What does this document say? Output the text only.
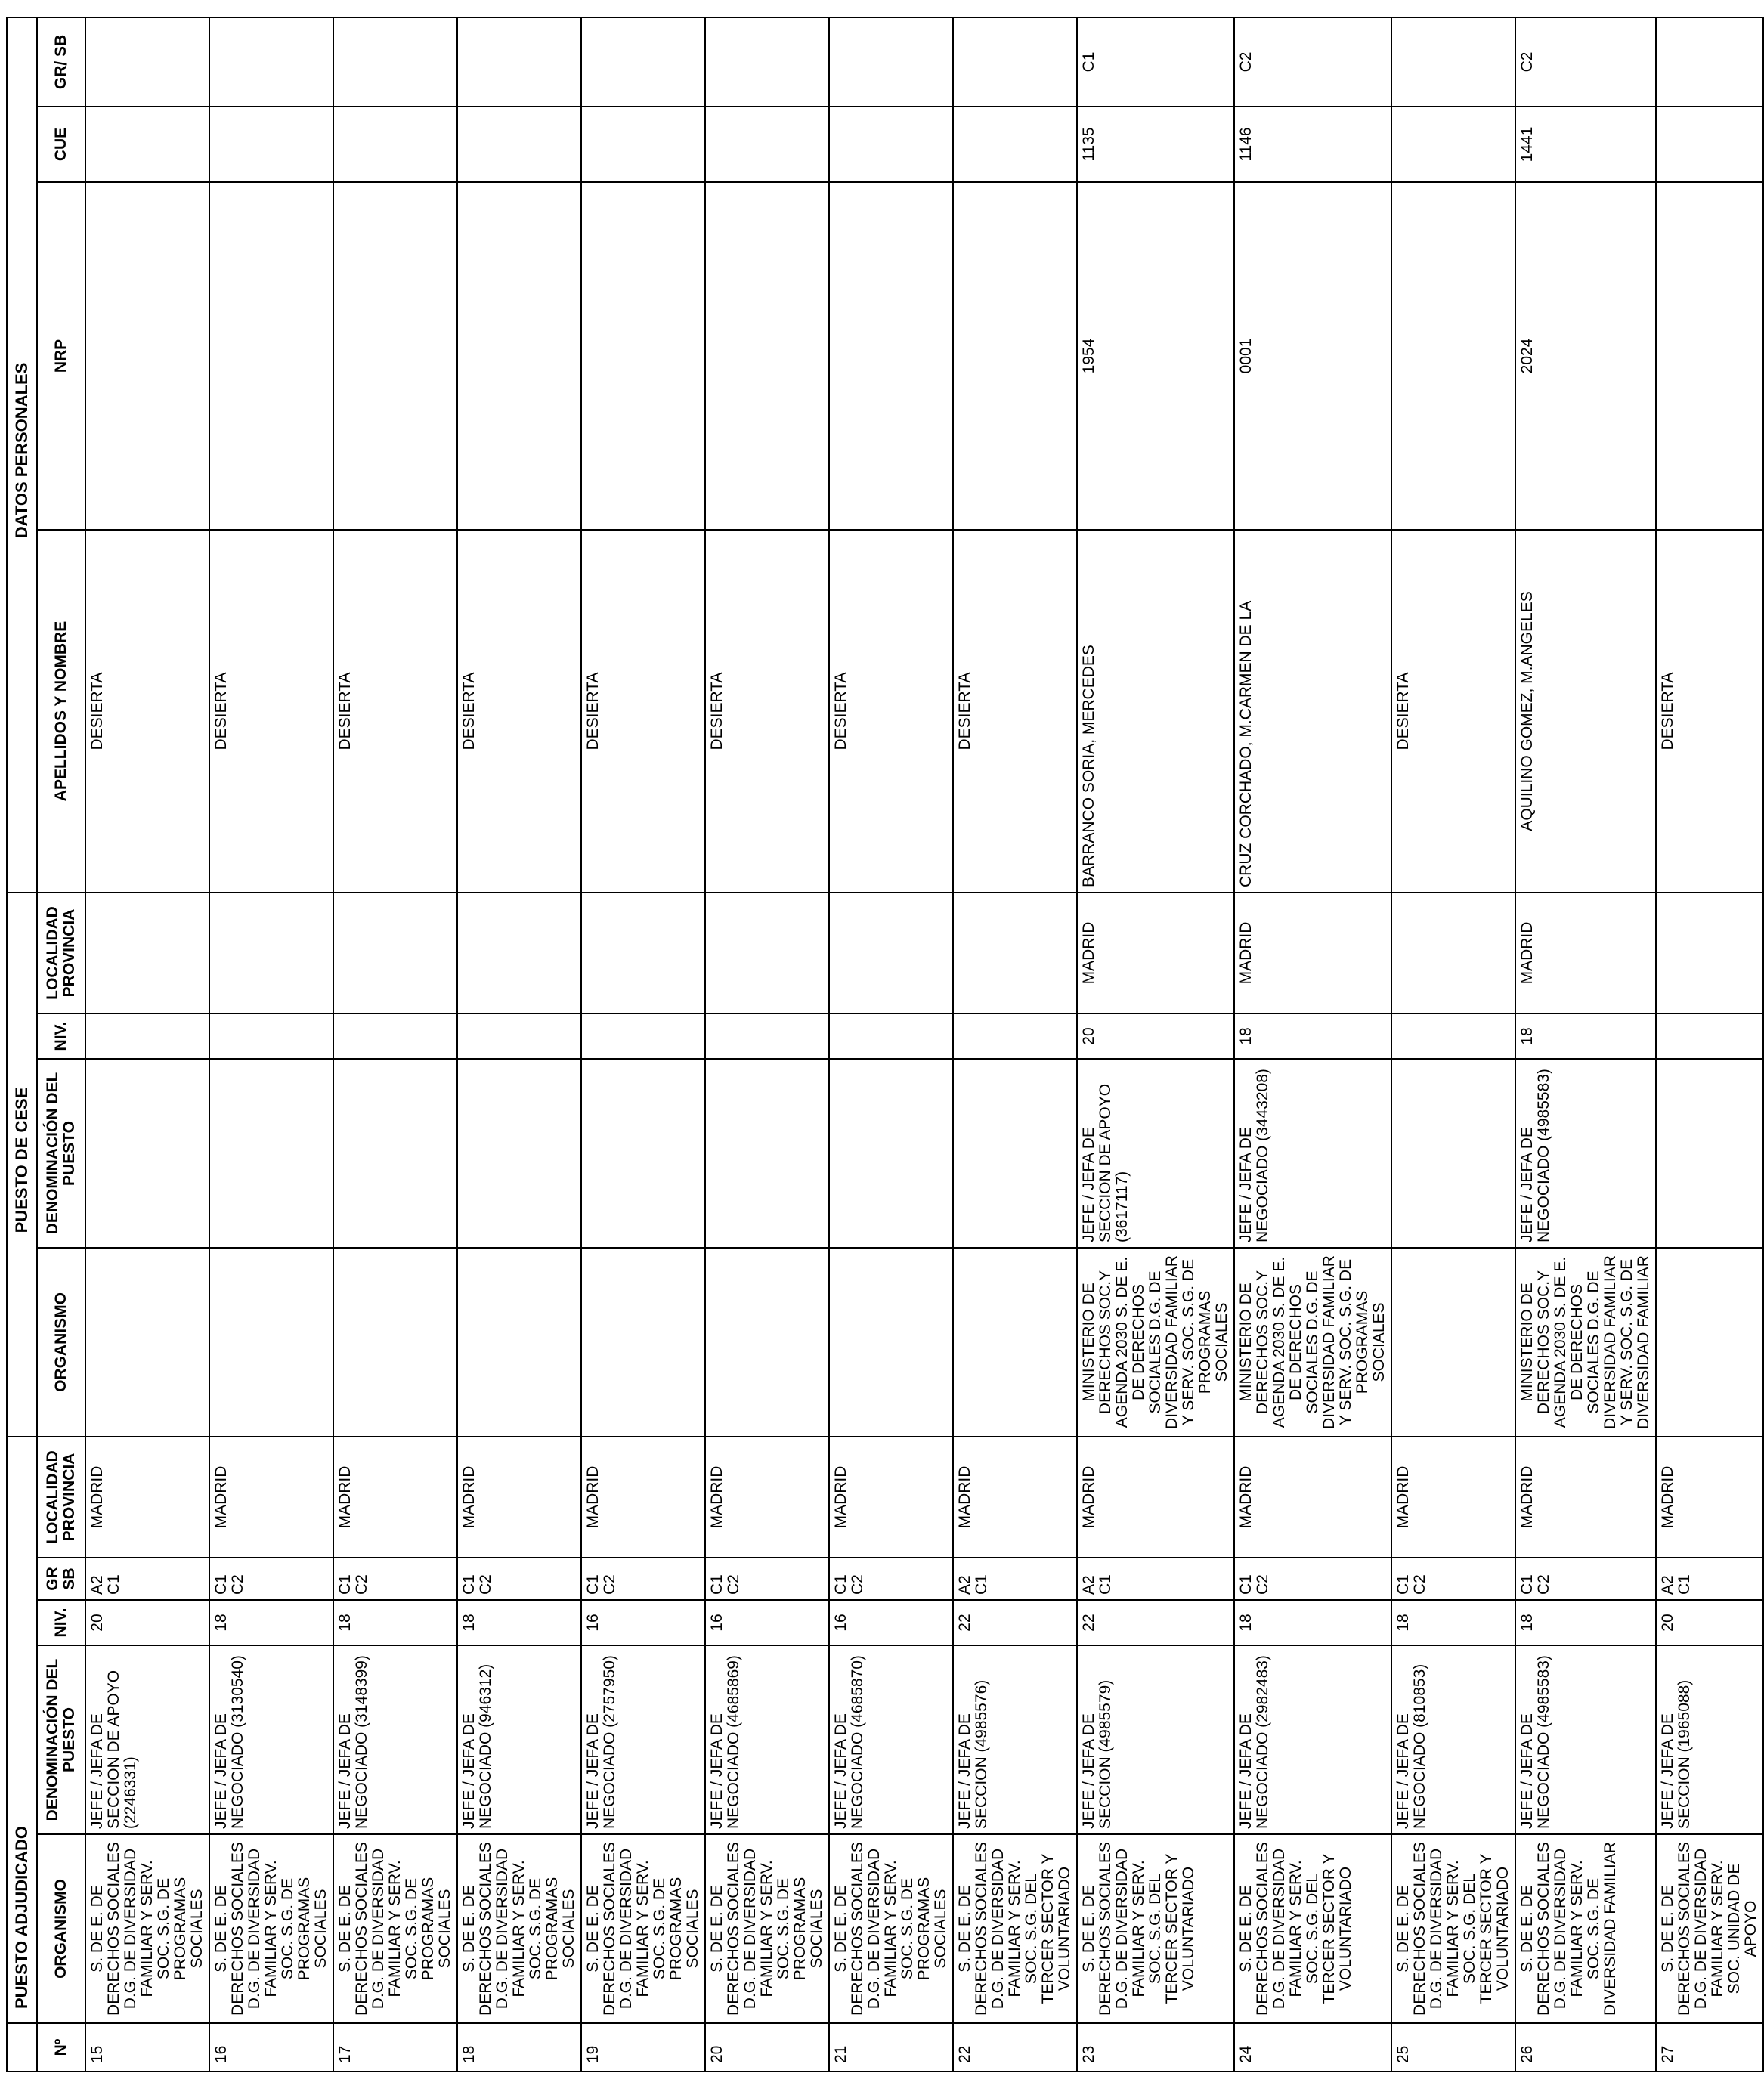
	PUESTO ADJUDICADO					PUESTO DE CESE				DATOS PERSONALES			
Nº	ORGANISMO	DENOMINACIÓN DEL PUESTO	NIV.	GR SB	LOCALIDAD PROVINCIA	ORGANISMO	DENOMINACIÓN DEL PUESTO	NIV.	LOCALIDAD PROVINCIA	APELLIDOS Y NOMBRE	NRP	CUE	GR/ SB
15	S. DE E. DE DERECHOS SOCIALES D.G. DE DIVERSIDAD FAMILIAR Y SERV. SOC. S.G. DE PROGRAMAS SOCIALES	JEFE / JEFA DE SECCION DE APOYO (2246331)	20	A2 C1	MADRID					DESIERTA			
16	S. DE E. DE DERECHOS SOCIALES D.G. DE DIVERSIDAD FAMILIAR Y SERV. SOC. S.G. DE PROGRAMAS SOCIALES	JEFE / JEFA DE NEGOCIADO (3130540)	18	C1 C2	MADRID					DESIERTA			
17	S. DE E. DE DERECHOS SOCIALES D.G. DE DIVERSIDAD FAMILIAR Y SERV. SOC. S.G. DE PROGRAMAS SOCIALES	JEFE / JEFA DE NEGOCIADO (3148399)	18	C1 C2	MADRID					DESIERTA			
18	S. DE E. DE DERECHOS SOCIALES D.G. DE DIVERSIDAD FAMILIAR Y SERV. SOC. S.G. DE PROGRAMAS SOCIALES	JEFE / JEFA DE NEGOCIADO (946312)	18	C1 C2	MADRID					DESIERTA			
19	S. DE E. DE DERECHOS SOCIALES D.G. DE DIVERSIDAD FAMILIAR Y SERV. SOC. S.G. DE PROGRAMAS SOCIALES	JEFE / JEFA DE NEGOCIADO (2757950)	16	C1 C2	MADRID					DESIERTA			
20	S. DE E. DE DERECHOS SOCIALES D.G. DE DIVERSIDAD FAMILIAR Y SERV. SOC. S.G. DE PROGRAMAS SOCIALES	JEFE / JEFA DE NEGOCIADO (4685869)	16	C1 C2	MADRID					DESIERTA			
21	S. DE E. DE DERECHOS SOCIALES D.G. DE DIVERSIDAD FAMILIAR Y SERV. SOC. S.G. DE PROGRAMAS SOCIALES	JEFE / JEFA DE NEGOCIADO (4685870)	16	C1 C2	MADRID					DESIERTA			
22	S. DE E. DE DERECHOS SOCIALES D.G. DE DIVERSIDAD FAMILIAR Y SERV. SOC. S.G. DEL TERCER SECTOR Y VOLUNTARIADO	JEFE / JEFA DE SECCION (4985576)	22	A2 C1	MADRID					DESIERTA			
23	S. DE E. DE DERECHOS SOCIALES D.G. DE DIVERSIDAD FAMILIAR Y SERV. SOC. S.G. DEL TERCER SECTOR Y VOLUNTARIADO	JEFE / JEFA DE SECCION (4985579)	22	A2 C1	MADRID	MINISTERIO DE DERECHOS SOC.Y AGENDA 2030 S. DE E. DE DERECHOS SOCIALES D.G. DE DIVERSIDAD FAMILIAR Y SERV. SOC. S.G. DE PROGRAMAS SOCIALES	JEFE / JEFA DE SECCION DE APOYO (3617117)	20	MADRID	BARRANCO SORIA, MERCEDES	1954	1135	C1
24	S. DE E. DE DERECHOS SOCIALES D.G. DE DIVERSIDAD FAMILIAR Y SERV. SOC. S.G. DEL TERCER SECTOR Y VOLUNTARIADO	JEFE / JEFA DE NEGOCIADO (2982483)	18	C1 C2	MADRID	MINISTERIO DE DERECHOS SOC.Y AGENDA 2030 S. DE E. DE DERECHOS SOCIALES D.G. DE DIVERSIDAD FAMILIAR Y SERV. SOC. S.G. DE PROGRAMAS SOCIALES	JEFE / JEFA DE NEGOCIADO (3443208)	18	MADRID	CRUZ CORCHADO, M.CARMEN DE LA	0001	1146	C2
25	S. DE E. DE DERECHOS SOCIALES D.G. DE DIVERSIDAD FAMILIAR Y SERV. SOC. S.G. DEL TERCER SECTOR Y VOLUNTARIADO	JEFE / JEFA DE NEGOCIADO (810853)	18	C1 C2	MADRID					DESIERTA			
26	S. DE E. DE DERECHOS SOCIALES D.G. DE DIVERSIDAD FAMILIAR Y SERV. SOC. S.G. DE DIVERSIDAD FAMILIAR	JEFE / JEFA DE NEGOCIADO (4985583)	18	C1 C2	MADRID	MINISTERIO DE DERECHOS SOC.Y AGENDA 2030 S. DE E. DE DERECHOS SOCIALES D.G. DE DIVERSIDAD FAMILIAR Y SERV. SOC. S.G. DE DIVERSIDAD FAMILIAR	JEFE / JEFA DE NEGOCIADO (4985583)	18	MADRID	AQUILINO GOMEZ, M.ANGELES	2024	1441	C2
27	S. DE E. DE DERECHOS SOCIALES D.G. DE DIVERSIDAD FAMILIAR Y SERV. SOC. UNIDAD DE APOYO	JEFE / JEFA DE SECCION (1965088)	20	A2 C1	MADRID					DESIERTA			
